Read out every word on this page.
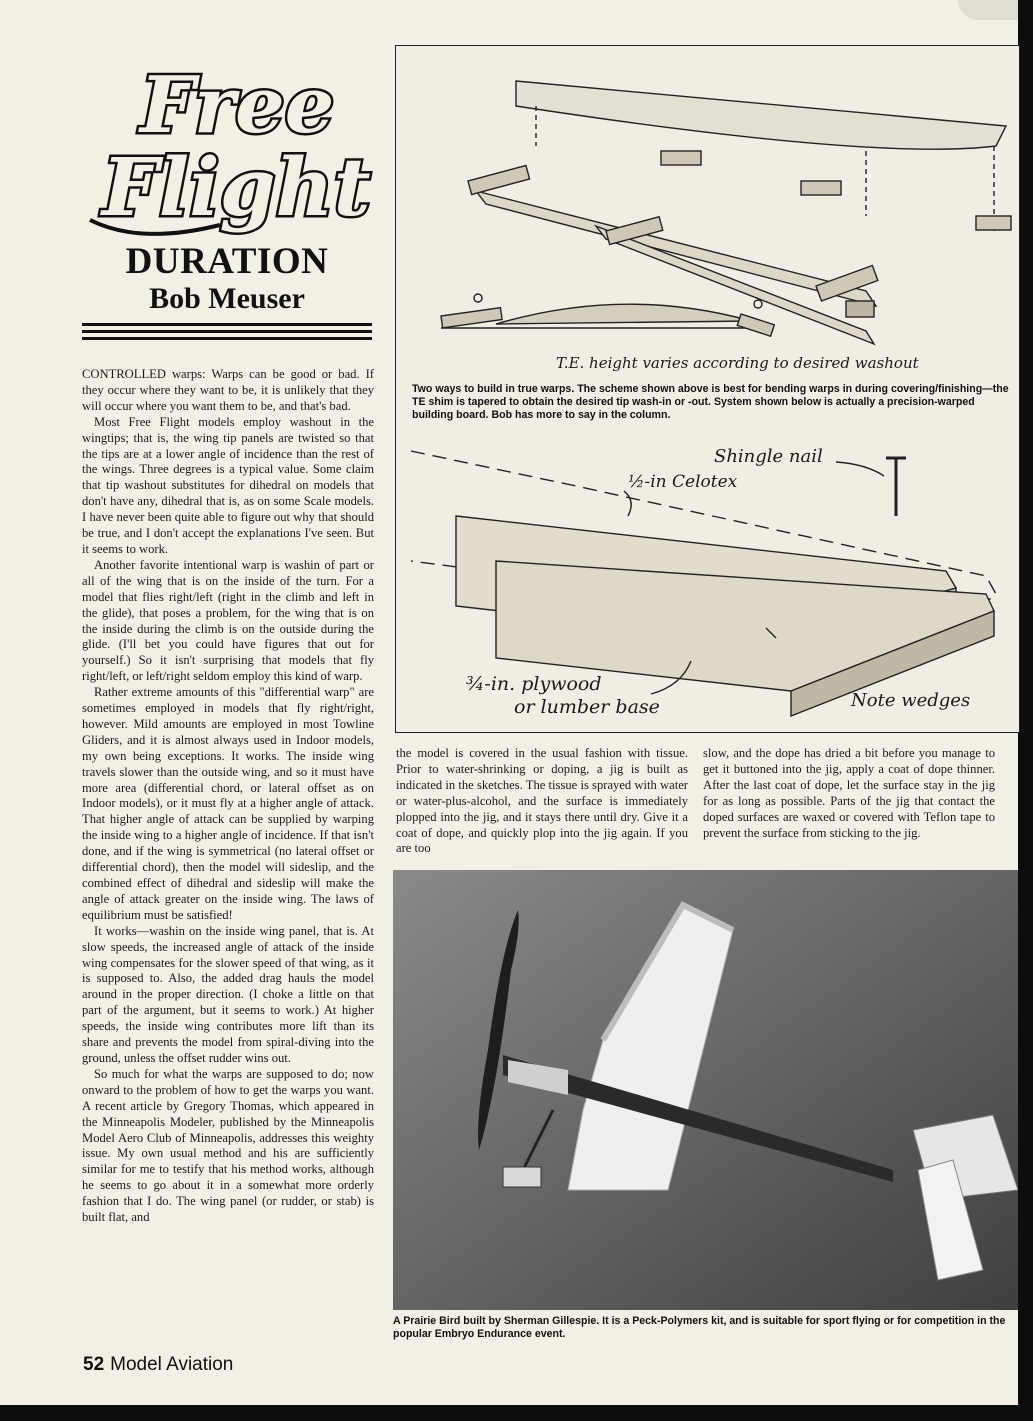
Free
Flight
DURATION
Bob Meuser

CONTROLLED warps: Warps can be good or bad. If they occur where they want to be, it is unlikely that they will occur where you want them to be, and that's bad.

Most Free Flight models employ washout in the wingtips; that is, the wing tip panels are twisted so that the tips are at a lower angle of incidence than the rest of the wings. Three degrees is a typical value. Some claim that tip washout substitutes for dihedral on models that don't have any, dihedral that is, as on some Scale models. I have never been quite able to figure out why that should be true, and I don't accept the explanations I've seen. But it seems to work.

Another favorite intentional warp is washin of part or all of the wing that is on the inside of the turn. For a model that flies right/left (right in the climb and left in the glide), that poses a problem, for the wing that is on the inside during the climb is on the outside during the glide. (I'll bet you could have figures that out for yourself.) So it isn't surprising that models that fly right/left, or left/right seldom employ this kind of warp.

Rather extreme amounts of this "differential warp" are sometimes employed in models that fly right/right, however. Mild amounts are employed in most Towline Gliders, and it is almost always used in Indoor models, my own being exceptions. It works. The inside wing travels slower than the outside wing, and so it must have more area (differential chord, or lateral offset as on Indoor models), or it must fly at a higher angle of attack. That higher angle of attack can be supplied by warping the inside wing to a higher angle of incidence. If that isn't done, and if the wing is symmetrical (no lateral offset or differential chord), then the model will sideslip, and the combined effect of dihedral and sideslip will make the angle of attack greater on the inside wing. The laws of equilibrium must be satisfied!

It works—washin on the inside wing panel, that is. At slow speeds, the increased angle of attack of the inside wing compensates for the slower speed of that wing, as it is supposed to. Also, the added drag hauls the model around in the proper direction. (I choke a little on that part of the argument, but it seems to work.) At higher speeds, the inside wing contributes more lift than its share and prevents the model from spiral-diving into the ground, unless the offset rudder wins out.

So much for what the warps are supposed to do; now onward to the problem of how to get the warps you want. A recent article by Gregory Thomas, which appeared in the Minneapolis Modeler, published by the Minneapolis Model Aero Club of Minneapolis, addresses this weighty issue. My own usual method and his are sufficiently similar for me to testify that his method works, although he seems to go about it in a somewhat more orderly fashion that I do. The wing panel (or rudder, or stab) is built flat, and

T.E. height varies according to desired washout
Shingle nail
½-in Celotex
¾-in. plywood
or lumber base	Note wedges
Two ways to build in true warps. The scheme shown above is best for bending warps in during covering/finishing—the TE shim is tapered to obtain the desired tip wash-in or -out. System shown below is actually a precision-warped building board. Bob has more to say in the column.

the model is covered in the usual fashion with tissue. Prior to water-shrinking or doping, a jig is built as indicated in the sketches. The tissue is sprayed with water or water-plus-alcohol, and the surface is immediately plopped into the jig, and it stays there until dry. Give it a coat of dope, and quickly plop into the jig again. If you are too

slow, and the dope has dried a bit before you manage to get it buttoned into the jig, apply a coat of dope thinner. After the last coat of dope, let the surface stay in the jig for as long as possible. Parts of the jig that contact the doped surfaces are waxed or covered with Teflon tape to prevent the surface from sticking to the jig.

A Prairie Bird built by Sherman Gillespie. It is a Peck-Polymers kit, and is suitable for sport flying or for competition in the popular Embryo Endurance event.
52 Model Aviation
